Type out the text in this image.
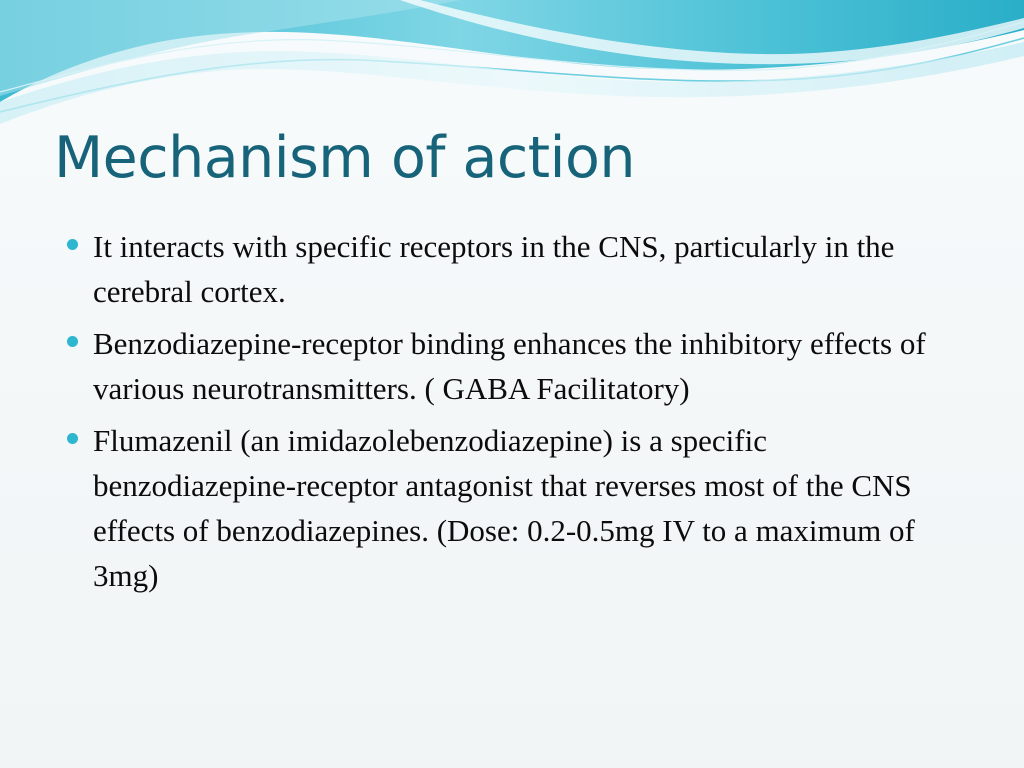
Mechanism of action
It interacts with specific receptors in the CNS, particularly in the cerebral cortex.
Benzodiazepine-receptor binding enhances the inhibitory effects of various neurotransmitters. ( GABA Facilitatory)
Flumazenil (an imidazolebenzodiazepine) is a specific benzodiazepine-receptor antagonist that reverses most of the CNS effects of benzodiazepines. (Dose: 0.2-0.5mg IV to a maximum of 3mg)
